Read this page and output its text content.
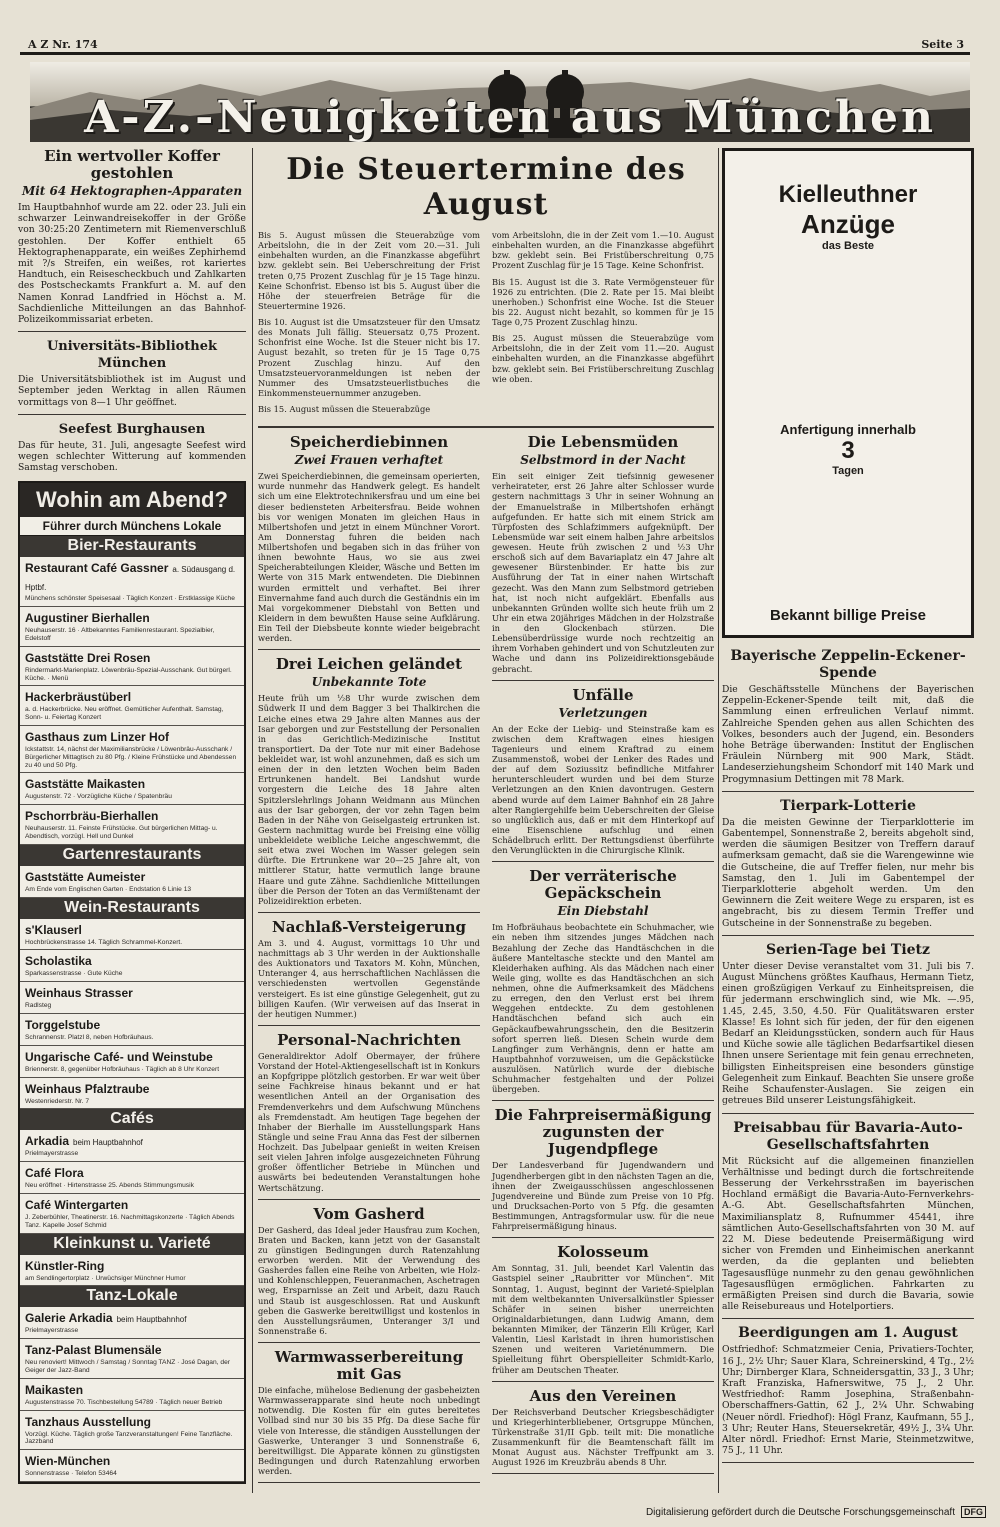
A Z Nr. 174	Seite 3
A-Z.-Neuigkeiten aus München
Ein wertvoller Koffer gestohlen
Mit 64 Hektographen-Apparaten

Im Hauptbahnhof wurde am 22. oder 23. Juli ein schwarzer Leinwandreisekoffer in der Größe von 30:25:20 Zentimetern mit Riemenverschluß gestohlen. Der Koffer enthielt 65 Hektographenapparate, ein weißes Zephirhemd mit ?/s Streifen, ein weißes, rot kariertes Handtuch, ein Reisescheckbuch und Zahlkarten des Postscheckamts Frankfurt a. M. auf den Namen Konrad Landfried in Höchst a. M. Sachdienliche Mitteilungen an das Bahnhof-Polizeikommissariat erbeten.

Universitäts-Bibliothek München

Die Universitätsbibliothek ist im August und September jeden Werktag in allen Räumen vormittags von 8—1 Uhr geöffnet.

Seefest Burghausen

Das für heute, 31. Juli, angesagte Seefest wird wegen schlechter Witterung auf kommenden Samstag verschoben.

Wohin am Abend?
Führer durch Münchens Lokale
Bier-Restaurants
Restaurant Café Gassner a. Südausgang d. Hptbf.
Münchens schönster Speisesaal · Täglich Konzert · Erstklassige Küche
Augustiner Bierhallen
Neuhauserstr. 16 · Altbekanntes Familienrestaurant. Spezialbier, Edelstoff
Gaststätte Drei Rosen
Rindermarkt-Marienplatz. Löwenbräu-Spezial-Ausschank. Gut bürgerl. Küche. · Menü
Hackerbräustüberl
a. d. Hackerbrücke. Neu eröffnet. Gemütlicher Aufenthalt. Samstag, Sonn- u. Feiertag Konzert
Gasthaus zum Linzer Hof
Ickstattstr. 14, nächst der Maximiliansbrücke / Löwenbräu-Ausschank / Bürgerlicher Mittagtisch zu 80 Pfg. / Kleine Frühstücke und Abendessen zu 40 und 50 Pfg.
Gaststätte Maikasten
Augustenstr. 72 · Vorzügliche Küche / Spatenbräu
Pschorrbräu-Bierhallen
Neuhauserstr. 11. Feinste Frühstücke. Gut bürgerlichen Mittag- u. Abendtisch, vorzügl. Hell und Dunkel
Gartenrestaurants
Gaststätte Aumeister
Am Ende vom Englischen Garten · Endstation 6 Linie 13
Wein-Restaurants
s'Klauserl
Hochbrückenstrasse 14. Täglich Schrammel-Konzert.
Scholastika
Sparkassenstrasse · Gute Küche
Weinhaus Strasser
Radlsteg
Torggelstube
Schrannenstr. Platzl 8, neben Hofbräuhaus.
Ungarische Café- und Weinstube
Briennerstr. 8, gegenüber Hofbräuhaus · Täglich ab 8 Uhr Konzert
Weinhaus Pfalztraube
Westenriederstr. Nr. 7
Cafés
Arkadia beim Hauptbahnhof
Prielmayerstrasse
Café Flora
Neu eröffnet · Hirtenstrasse 25. Abends Stimmungsmusik
Café Wintergarten
J. Zeberbühler, Theatinerstr. 16. Nachmittagskonzerte · Täglich Abends Tanz. Kapelle Josef Schmid
Kleinkunst u. Varieté
Künstler-Ring
am Sendlingertorplatz · Urwüchsiger Münchner Humor
Tanz-Lokale
Galerie Arkadia beim Hauptbahnhof
Prielmayerstrasse
Tanz-Palast Blumensäle
Neu renoviert! Mittwoch / Samstag / Sonntag TANZ · José Dagan, der Geiger der Jazz-Band
Maikasten
Augustenstrasse 70. Tischbestellung 54789 · Täglich neuer Betrieb
Tanzhaus Ausstellung
Vorzügl. Küche. Täglich große Tanzveranstaltungen! Feine Tanzfläche. Jazzband
Wien-München
Sonnenstrasse · Telefon 53464
Die Steuertermine des August

Bis 5. August müssen die Steuerabzüge vom Arbeitslohn, die in der Zeit vom 20.—31. Juli einbehalten wurden, an die Finanzkasse abgeführt bzw. geklebt sein. Bei Ueberschreitung der Frist treten 0,75 Prozent Zuschlag für je 15 Tage hinzu. Keine Schonfrist. Ebenso ist bis 5. August über die Höhe der steuerfreien Beträge für die Steuertermine 1926.

Bis 10. August ist die Umsatzsteuer für den Umsatz des Monats Juli fällig. Steuersatz 0,75 Prozent. Schonfrist eine Woche. Ist die Steuer nicht bis 17. August bezahlt, so treten für je 15 Tage 0,75 Prozent Zuschlag hinzu. Auf den Umsatzsteuervoranmeldungen ist neben der Nummer des Umsatzsteuerlistbuches die Einkommensteuernummer anzugeben.

Bis 15. August müssen die Steuerabzüge

vom Arbeitslohn, die in der Zeit vom 1.—10. August einbehalten wurden, an die Finanzkasse abgeführt bzw. geklebt sein. Bei Fristüberschreitung 0,75 Prozent Zuschlag für je 15 Tage. Keine Schonfrist.

Bis 15. August ist die 3. Rate Vermögensteuer für 1926 zu entrichten. (Die 2. Rate per 15. Mai bleibt unerhoben.) Schonfrist eine Woche. Ist die Steuer bis 22. August nicht bezahlt, so kommen für je 15 Tage 0,75 Prozent Zuschlag hinzu.

Bis 25. August müssen die Steuerabzüge vom Arbeitslohn, die in der Zeit vom 11.—20. August einbehalten wurden, an die Finanzkasse abgeführt bzw. geklebt sein. Bei Fristüberschreitung Zuschlag wie oben.

Speicherdiebinnen
Zwei Frauen verhaftet

Zwei Speicherdiebinnen, die gemeinsam operierten, wurde nunmehr das Handwerk gelegt. Es handelt sich um eine Elektrotechnikersfrau und um eine bei dieser bediensteten Arbeitersfrau. Beide wohnen bis vor wenigen Monaten im gleichen Haus in Milbertshofen und jetzt in einem Münchner Vorort. Am Donnerstag fuhren die beiden nach Milbertshofen und begaben sich in das früher von ihnen bewohnte Haus, wo sie aus zwei Speicherabteilungen Kleider, Wäsche und Betten im Werte von 315 Mark entwendeten. Die Diebinnen wurden ermittelt und verhaftet. Bei ihrer Einvernahme fand auch durch die Geständnis ein im Mai vorgekommener Diebstahl von Betten und Kleidern in dem bewußten Hause seine Aufklärung. Ein Teil der Diebsbeute konnte wieder beigebracht werden.

Drei Leichen geländet
Unbekannte Tote

Heute früh um ½8 Uhr wurde zwischen dem Südwerk II und dem Bagger 3 bei Thalkirchen die Leiche eines etwa 29 Jahre alten Mannes aus der Isar geborgen und zur Feststellung der Personalien in das Gerichtlich-Medizinische Institut transportiert. Da der Tote nur mit einer Badehose bekleidet war, ist wohl anzunehmen, daß es sich um einen der in den letzten Wochen beim Baden Ertrunkenen handelt. Bei Landshut wurde vorgestern die Leiche des 18 Jahre alten Spitzlerslehrlings Johann Weidmann aus München aus der Isar geborgen, der vor zehn Tagen beim Baden in der Nähe von Geiselgasteig ertrunken ist. Gestern nachmittag wurde bei Freising eine völlig unbekleidete weibliche Leiche angeschwemmt, die seit etwa zwei Wochen im Wasser gelegen sein dürfte. Die Ertrunkene war 20—25 Jahre alt, von mittlerer Statur, hatte vermutlich lange braune Haare und gute Zähne. Sachdienliche Mitteilungen über die Person der Toten an das Vermißtenamt der Polizeidirektion erbeten.

Nachlaß-Versteigerung

Am 3. und 4. August, vormittags 10 Uhr und nachmittags ab 3 Uhr werden in der Auktionshalle des Auktionators und Taxators M. Kohn, München, Unteranger 4, aus herrschaftlichen Nachlässen die verschiedensten wertvollen Gegenstände versteigert. Es ist eine günstige Gelegenheit, gut zu billigen Kaufen. (Wir verweisen auf das Inserat in der heutigen Nummer.)

Personal-Nachrichten

Generaldirektor Adolf Obermayer, der frühere Vorstand der Hotel-Aktiengesellschaft ist in Konkurs an Kopfgrippe plötzlich gestorben. Er war weit über seine Fachkreise hinaus bekannt und er hat wesentlichen Anteil an der Organisation des Fremdenverkehrs und dem Aufschwung Münchens als Fremdenstadt. Am heutigen Tage begehen der Inhaber der Bierhalle im Ausstellungspark Hans Stängle und seine Frau Anna das Fest der silbernen Hochzeit. Das Jubelpaar genießt in weiten Kreisen seit vielen Jahren infolge ausgezeichneten Führung großer öffentlicher Betriebe in München und auswärts bei bedeutenden Veranstaltungen hohe Wertschätzung.

Vom Gasherd

Der Gasherd, das Ideal jeder Hausfrau zum Kochen, Braten und Backen, kann jetzt von der Gasanstalt zu günstigen Bedingungen durch Ratenzahlung erworben werden. Mit der Verwendung des Gasherdes fallen eine Reihe von Arbeiten, wie Holz- und Kohlenschleppen, Feueranmachen, Aschetragen weg, Ersparnisse an Zeit und Arbeit, dazu Rauch und Staub ist ausgeschlossen. Rat und Auskunft geben die Gaswerke bereitwilligst und kostenlos in den Ausstellungsräumen, Unteranger 3/I und Sonnenstraße 6.

Warmwasserbereitung mit Gas

Die einfache, mühelose Bedienung der gasbeheizten Warmwasserapparate sind heute noch unbedingt notwendig. Die Kosten für ein gutes bereitetes Vollbad sind nur 30 bis 35 Pfg. Da diese Sache für viele von Interesse, die ständigen Ausstellungen der Gaswerke, Unteranger 3 und Sonnenstraße 6, bereitwilligst. Die Apparate können zu günstigsten Bedingungen und durch Ratenzahlung erworben werden.

Die Lebensmüden
Selbstmord in der Nacht

Ein seit einiger Zeit tiefsinnig gewesener verheirateter, erst 26 Jahre alter Schlosser wurde gestern nachmittags 3 Uhr in seiner Wohnung an der Emanuelstraße in Milbertshofen erhängt aufgefunden. Er hatte sich mit einem Strick am Türpfosten des Schlafzimmers aufgeknüpft. Der Lebensmüde war seit einem halben Jahre arbeitslos gewesen. Heute früh zwischen 2 und ½3 Uhr erschoß sich auf dem Bavariaplatz ein 47 Jahre alt gewesener Bürstenbinder. Er hatte bis zur Ausführung der Tat in einer nahen Wirtschaft gezecht. Was den Mann zum Selbstmord getrieben hat, ist noch nicht aufgeklärt. Ebenfalls aus unbekannten Gründen wollte sich heute früh um 2 Uhr ein etwa 20jähriges Mädchen in der Holzstraße in den Glockenbach stürzen. Die Lebensüberdrüssige wurde noch rechtzeitig an ihrem Vorhaben gehindert und von Schutzleuten zur Wache und dann ins Polizeidirektionsgebäude gebracht.

Unfälle
Verletzungen

An der Ecke der Liebig- und Steinstraße kam es zwischen dem Kraftwagen eines hiesigen Tagenieurs und einem Kraftrad zu einem Zusammenstoß, wobei der Lenker des Rades und der auf dem Soziussitz befindliche Mitfahrer herunterschleudert wurden und bei dem Sturze Verletzungen an den Knien davontrugen. Gestern abend wurde auf dem Laimer Bahnhof ein 28 Jahre alter Rangiergehilfe beim Ueberschreiten der Gleise so unglücklich aus, daß er mit dem Hinterkopf auf eine Eisenschiene aufschlug und einen Schädelbruch erlitt. Der Rettungsdienst überführte den Verunglückten in die Chirurgische Klinik.

Der verräterische Gepäckschein
Ein Diebstahl

Im Hofbräuhaus beobachtete ein Schuhmacher, wie ein neben ihm sitzendes junges Mädchen nach Bezahlung der Zeche das Handtäschchen in die äußere Manteltasche steckte und den Mantel am Kleiderhaken aufhing. Als das Mädchen nach einer Weile ging, wollte es das Handtäschchen an sich nehmen, ohne die Aufmerksamkeit des Mädchens zu erregen, den den Verlust erst bei ihrem Weggehen entdeckte. Zu dem gestohlenen Handtäschchen befand sich auch ein Gepäckaufbewahrungsschein, den die Besitzerin sofort sperren ließ. Diesen Schein wurde dem Langfinger zum Verhängnis, denn er hatte am Hauptbahnhof vorzuweisen, um die Gepäckstücke auszulösen. Natürlich wurde der diebische Schuhmacher festgehalten und der Polizei übergeben.

Die Fahrpreisermäßigung zugunsten der Jugendpflege

Der Landesverband für Jugendwandern und Jugendherbergen gibt in den nächsten Tagen an die, ihnen der Zweigausschüssen angeschlossenen Jugendvereine und Bünde zum Preise von 10 Pfg. und Drucksachen-Porto von 5 Pfg. die gesamten Bestimmungen, Antragsformular usw. für die neue Fahrpreisermäßigung hinaus.

Kolosseum

Am Sonntag, 31. Juli, beendet Karl Valentin das Gastspiel seiner „Raubritter vor München“. Mit Sonntag, 1. August, beginnt der Varieté-Spielplan mit dem weltbekannten Universalkünstler Spiesser Schäfer in seinen bisher unerreichten Originaldarbietungen, dann Ludwig Amann, dem bekannten Mimiker, der Tänzerin Elli Krüger, Karl Valentin, Liesl Karlstadt in ihren humoristischen Szenen und weiteren Varieténummern. Die Spielleitung führt Oberspielleiter Schmidt-Karlo, früher am Deutschen Theater.

Aus den Vereinen

Der Reichsverband Deutscher Kriegsbeschädigter und Kriegerhinterbliebener, Ortsgruppe München, Türkenstraße 31/II Gpb. teilt mit: Die monatliche Zusammenkunft für die Beamtenschaft fällt im Monat August aus. Nächster Treffpunkt am 3. August 1926 im Kreuzbräu abends 8 Uhr.

Kielleuthner
Anzüge
das Beste
Anfertigung innerhalb
3
Tagen
Bekannt billige Preise
Bayerische Zeppelin-Eckener-Spende

Die Geschäftsstelle Münchens der Bayerischen Zeppelin-Eckener-Spende teilt mit, daß die Sammlung einen erfreulichen Verlauf nimmt. Zahlreiche Spenden gehen aus allen Schichten des Volkes, besonders auch der Jugend, ein. Besonders hohe Beträge überwanden: Institut der Englischen Fräulein Nürnberg mit 900 Mark, Städt. Landeserziehungsheim Schondorf mit 140 Mark und Progymnasium Dettingen mit 78 Mark.

Tierpark-Lotterie

Da die meisten Gewinne der Tierparklotterie im Gabentempel, Sonnenstraße 2, bereits abgeholt sind, werden die säumigen Besitzer von Treffern darauf aufmerksam gemacht, daß sie die Warengewinne wie die Gutscheine, die auf Treffer fielen, nur mehr bis Samstag, den 1. Juli im Gabentempel der Tierparklotterie abgeholt werden. Um den Gewinnern die Zeit weitere Wege zu ersparen, ist es angebracht, bis zu diesem Termin Treffer und Gutscheine in der Sonnenstraße zu begeben.

Serien-Tage bei Tietz

Unter dieser Devise veranstaltet vom 31. Juli bis 7. August Münchens größtes Kaufhaus, Hermann Tietz, einen großzügigen Verkauf zu Einheitspreisen, die für jedermann erschwinglich sind, wie Mk. —.95, 1.45, 2.45, 3.50, 4.50. Für Qualitätswaren erster Klasse! Es lohnt sich für jeden, der für den eigenen Bedarf an Kleidungsstücken, sondern auch für Haus und Küche sowie alle täglichen Bedarfsartikel diesen Ihnen unsere Serientage mit fein genau errechneten, billigsten Einheitspreisen eine besonders günstige Gelegenheit zum Einkauf. Beachten Sie unsere große Reihe Schaufenster-Auslagen. Sie zeigen ein getreues Bild unserer Leistungsfähigkeit.

Preisabbau für Bavaria-Auto-Gesellschaftsfahrten

Mit Rücksicht auf die allgemeinen finanziellen Verhältnisse und bedingt durch die fortschreitende Besserung der Verkehrsstraßen im bayerischen Hochland ermäßigt die Bavaria-Auto-Fernverkehrs-A.-G. Abt. Gesellschaftsfahrten München, Maximiliansplatz 8, Rufnummer 45441, ihre sämtlichen Auto-Gesellschaftsfahrten von 30 M. auf 22 M. Diese bedeutende Preisermäßigung wird sicher von Fremden und Einheimischen anerkannt werden, da die geplanten und beliebten Tagesausflüge nunmehr zu den genau gewöhnlichen Tagesausflügen ermöglichen. Fahrkarten zu ermäßigten Preisen sind durch die Bavaria, sowie alle Reisebureaus und Hotelportiers.

Beerdigungen am 1. August

Ostfriedhof: Schmatzmeier Cenia, Privatiers-Tochter, 16 J., 2½ Uhr; Sauer Klara, Schreinerskind, 4 Tg., 2½ Uhr; Dirnberger Klara, Schneidersgattin, 33 J., 3 Uhr; Kraft Franziska, Hafnerswitwe, 75 J., 2 Uhr. Westfriedhof: Ramm Josephina, Straßenbahn-Oberschaffners-Gattin, 62 J., 2¼ Uhr. Schwabing (Neuer nördl. Friedhof): Högl Franz, Kaufmann, 55 J., 3 Uhr; Reuter Hans, Steuersekretär, 49½ J., 3¼ Uhr. Alter nördl. Friedhof: Ernst Marie, Steinmetzwitwe, 75 J., 11 Uhr.

Digitalisierung gefördert durch die Deutsche Forschungsgemeinschaft DFG
